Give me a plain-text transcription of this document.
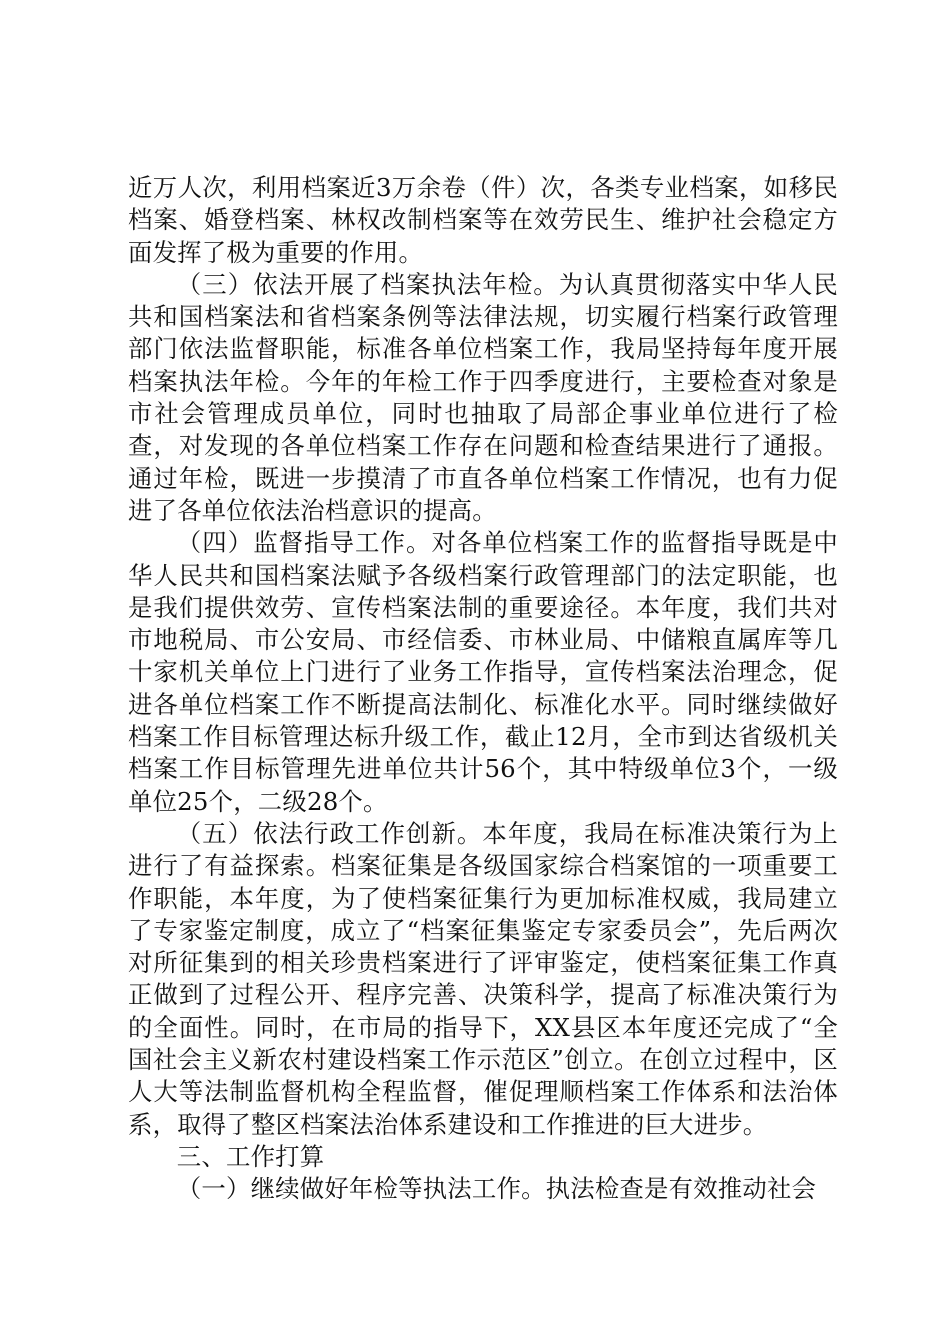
近万人次，利用档案近3万余卷（件）次，各类专业档案，如移民档案、婚登档案、林权改制档案等在效劳民生、维护社会稳定方面发挥了极为重要的作用。

（三）依法开展了档案执法年检。为认真贯彻落实中华人民共和国档案法和省档案条例等法律法规，切实履行档案行政管理部门依法监督职能，标准各单位档案工作，我局坚持每年度开展档案执法年检。今年的年检工作于四季度进行，主要检查对象是市社会管理成员单位，同时也抽取了局部企事业单位进行了检查，对发现的各单位档案工作存在问题和检查结果进行了通报。通过年检，既进一步摸清了市直各单位档案工作情况，也有力促进了各单位依法治档意识的提高。

（四）监督指导工作。对各单位档案工作的监督指导既是中华人民共和国档案法赋予各级档案行政管理部门的法定职能，也是我们提供效劳、宣传档案法制的重要途径。本年度，我们共对市地税局、市公安局、市经信委、市林业局、中储粮直属库等几十家机关单位上门进行了业务工作指导，宣传档案法治理念，促进各单位档案工作不断提高法制化、标准化水平。同时继续做好档案工作目标管理达标升级工作，截止12月，全市到达省级机关档案工作目标管理先进单位共计56个，其中特级单位3个，一级单位25个，二级28个。

（五）依法行政工作创新。本年度，我局在标准决策行为上进行了有益探索。档案征集是各级国家综合档案馆的一项重要工作职能，本年度，为了使档案征集行为更加标准权威，我局建立了专家鉴定制度，成立了“档案征集鉴定专家委员会”，先后两次对所征集到的相关珍贵档案进行了评审鉴定，使档案征集工作真正做到了过程公开、程序完善、决策科学，提高了标准决策行为的全面性。同时，在市局的指导下，XX县区本年度还完成了“全国社会主义新农村建设档案工作示范区”创立。在创立过程中，区人大等法制监督机构全程监督，催促理顺档案工作体系和法治体系，取得了整区档案法治体系建设和工作推进的巨大进步。

三、工作打算

（一）继续做好年检等执法工作。执法检查是有效推动社会
